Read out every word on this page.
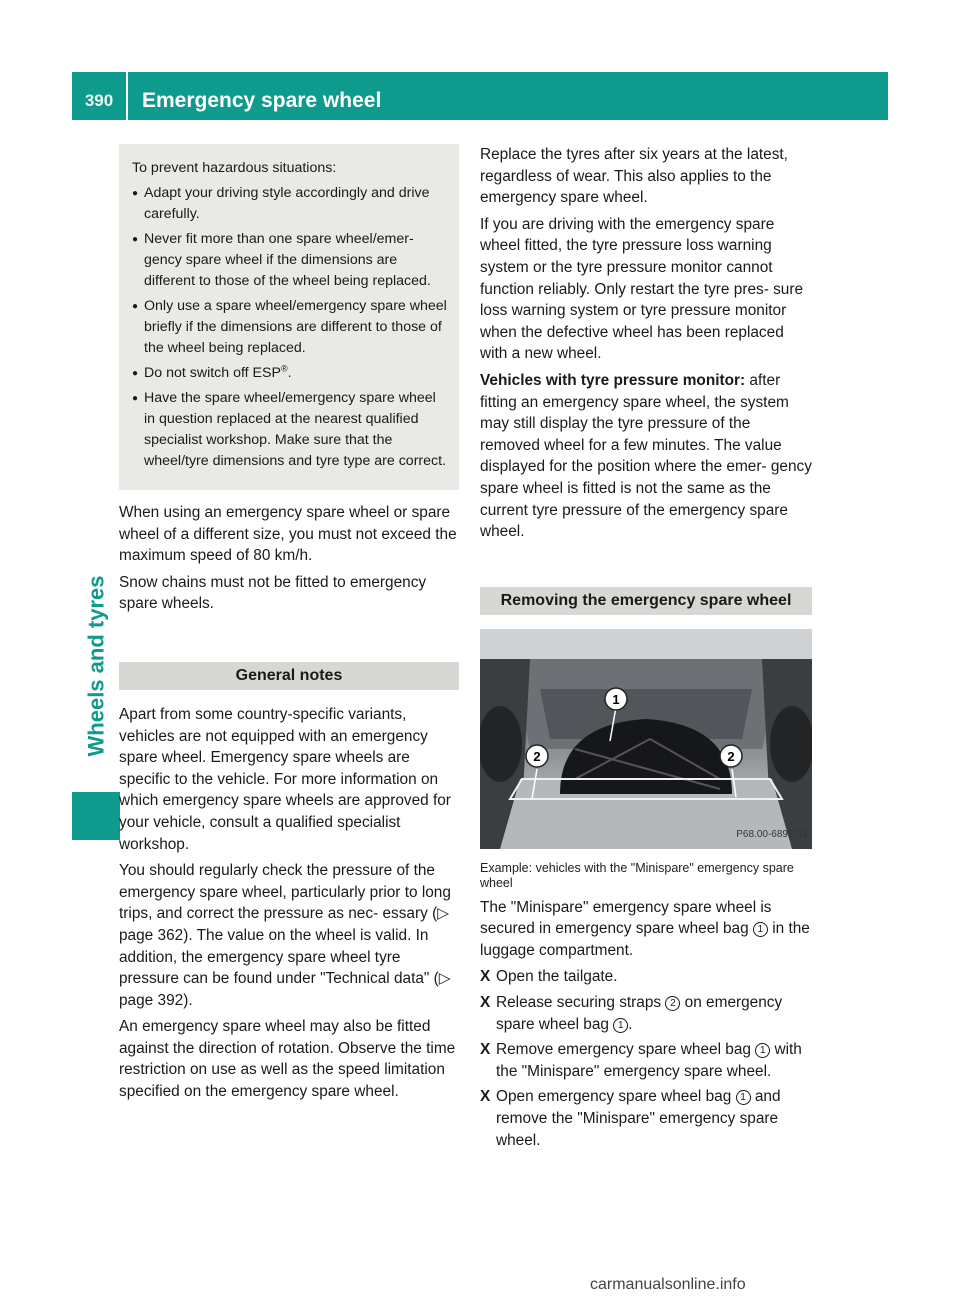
390	Emergency spare wheel
Wheels and tyres

To prevent hazardous situations:

● Adapt your driving style accordingly and drive carefully.
● Never fit more than one spare wheel/emer- gency spare wheel if the dimensions are different to those of the wheel being replaced.
● Only use a spare wheel/emergency spare wheel briefly if the dimensions are different to those of the wheel being replaced.
● Do not switch off ESP®.
● Have the spare wheel/emergency spare wheel in question replaced at the nearest qualified specialist workshop. Make sure that the wheel/tyre dimensions and tyre type are correct.

When using an emergency spare wheel or spare wheel of a different size, you must not exceed the maximum speed of 80 km/h.

Snow chains must not be fitted to emergency spare wheels.

General notes

Apart from some country-specific variants, vehicles are not equipped with an emergency spare wheel. Emergency spare wheels are specific to the vehicle. For more information on which emergency spare wheels are approved for your vehicle, consult a qualified specialist workshop.

You should regularly check the pressure of the emergency spare wheel, particularly prior to long trips, and correct the pressure as nec- essary (▷ page 362). The value on the wheel is valid. In addition, the emergency spare wheel tyre pressure can be found under "Technical data" (▷ page 392).

An emergency spare wheel may also be fitted against the direction of rotation. Observe the time restriction on use as well as the speed limitation specified on the emergency spare wheel.

Replace the tyres after six years at the latest, regardless of wear. This also applies to the emergency spare wheel.

If you are driving with the emergency spare wheel fitted, the tyre pressure loss warning system or the tyre pressure monitor cannot function reliably. Only restart the tyre pres- sure loss warning system or tyre pressure monitor when the defective wheel has been replaced with a new wheel.

Vehicles with tyre pressure monitor: after fitting an emergency spare wheel, the system may still display the tyre pressure of the removed wheel for a few minutes. The value displayed for the position where the emer- gency spare wheel is fitted is not the same as the current tyre pressure of the emergency spare wheel.

Removing the emergency spare wheel
1
2	2
P68.00-6892-31

Example: vehicles with the "Minispare" emergency spare wheel

The "Minispare" emergency spare wheel is secured in emergency spare wheel bag 1 in the luggage compartment.

X Open the tailgate.
X Release securing straps 2 on emergency spare wheel bag 1 .
X Remove emergency spare wheel bag 1 with the "Minispare" emergency spare wheel.
X Open emergency spare wheel bag 1 and remove the "Minispare" emergency spare wheel.
carmanualsonline.info
